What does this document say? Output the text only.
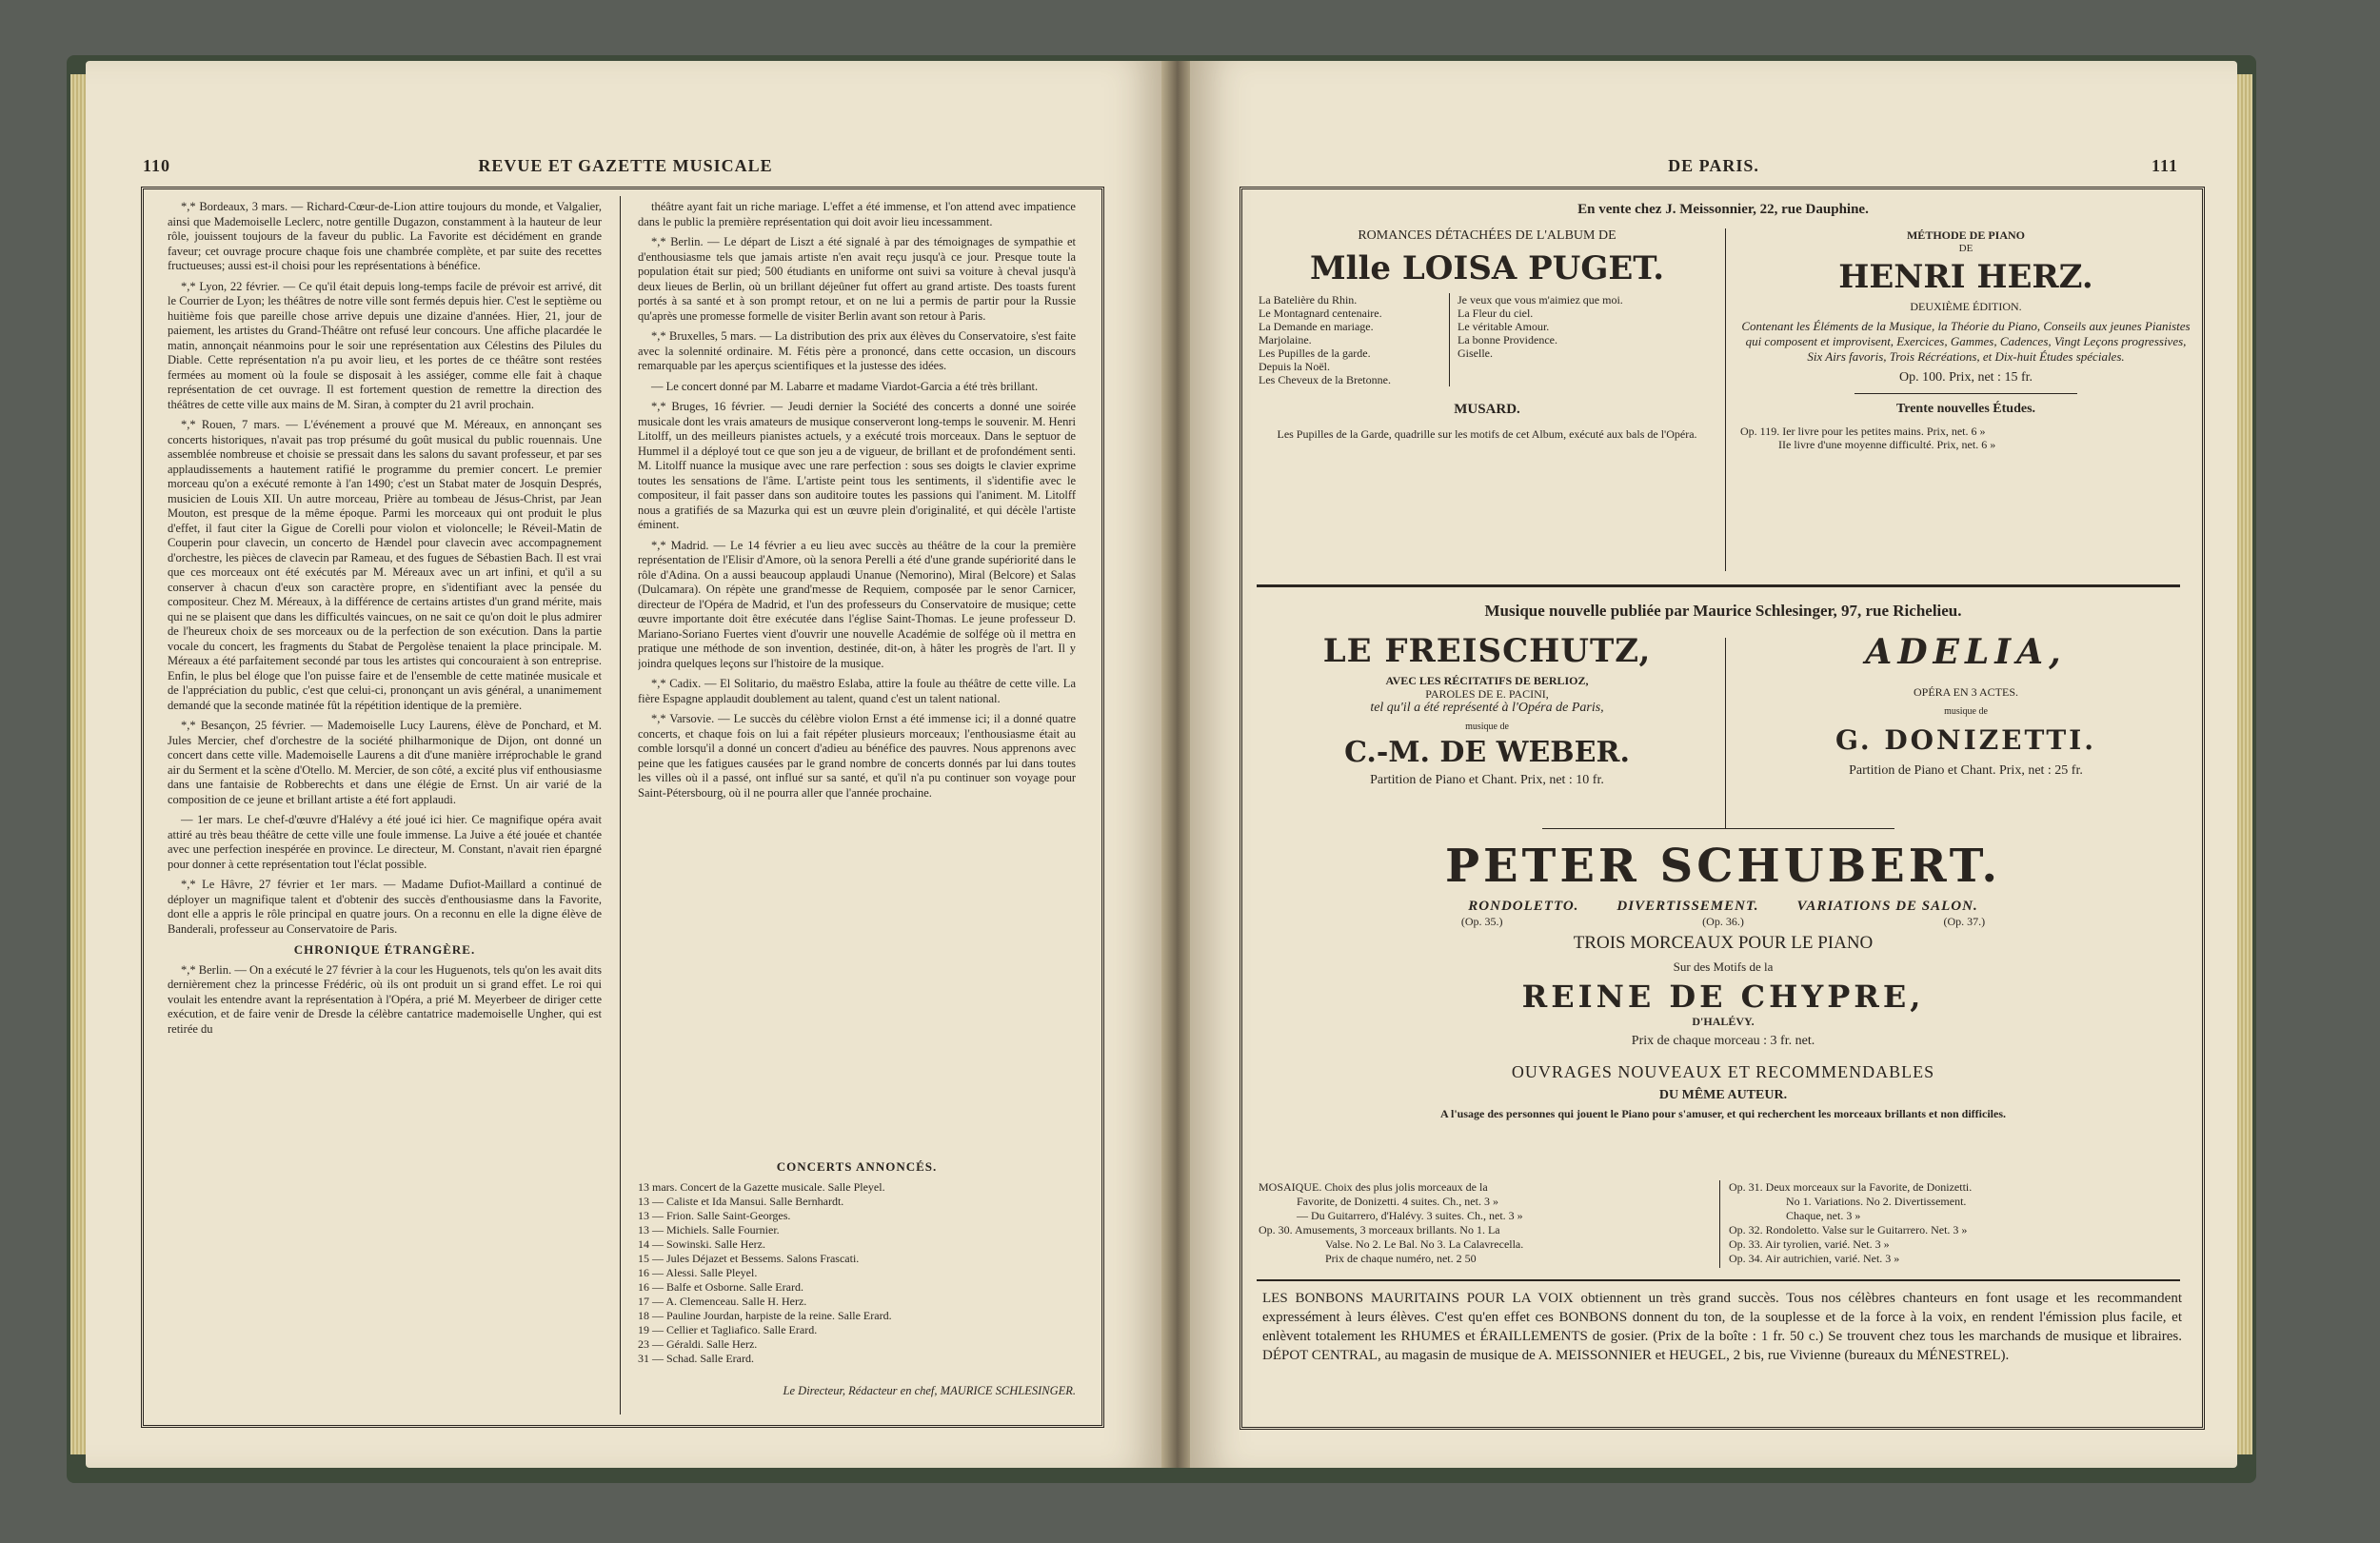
110	REVUE ET GAZETTE MUSICALE

*,* Bordeaux, 3 mars. — Richard-Cœur-de-Lion attire toujours du monde, et Valgalier, ainsi que Mademoiselle Leclerc, notre gentille Dugazon, constamment à la hauteur de leur rôle, jouissent toujours de la faveur du public. La Favorite est décidément en grande faveur; cet ouvrage procure chaque fois une chambrée complète, et par suite des recettes fructueuses; aussi est-il choisi pour les représentations à bénéfice.

*,* Lyon, 22 février. — Ce qu'il était depuis long-temps facile de prévoir est arrivé, dit le Courrier de Lyon; les théâtres de notre ville sont fermés depuis hier. C'est le septième ou huitième fois que pareille chose arrive depuis une dizaine d'années. Hier, 21, jour de paiement, les artistes du Grand-Théâtre ont refusé leur concours. Une affiche placardée le matin, annonçait néanmoins pour le soir une représentation aux Célestins des Pilules du Diable. Cette représentation n'a pu avoir lieu, et les portes de ce théâtre sont restées fermées au moment où la foule se disposait à les assiéger, comme elle fait à chaque représentation de cet ouvrage. Il est fortement question de remettre la direction des théâtres de cette ville aux mains de M. Siran, à compter du 21 avril prochain.

*,* Rouen, 7 mars. — L'événement a prouvé que M. Méreaux, en annonçant ses concerts historiques, n'avait pas trop présumé du goût musical du public rouennais. Une assemblée nombreuse et choisie se pressait dans les salons du savant professeur, et par ses applaudissements a hautement ratifié le programme du premier concert. Le premier morceau qu'on a exécuté remonte à l'an 1490; c'est un Stabat mater de Josquin Després, musicien de Louis XII. Un autre morceau, Prière au tombeau de Jésus-Christ, par Jean Mouton, est presque de la même époque. Parmi les morceaux qui ont produit le plus d'effet, il faut citer la Gigue de Corelli pour violon et violoncelle; le Réveil-Matin de Couperin pour clavecin, un concerto de Hændel pour clavecin avec accompagnement d'orchestre, les pièces de clavecin par Rameau, et des fugues de Sébastien Bach. Il est vrai que ces morceaux ont été exécutés par M. Méreaux avec un art infini, et qu'il a su conserver à chacun d'eux son caractère propre, en s'identifiant avec la pensée du compositeur. Chez M. Méreaux, à la différence de certains artistes d'un grand mérite, mais qui ne se plaisent que dans les difficultés vaincues, on ne sait ce qu'on doit le plus admirer de l'heureux choix de ses morceaux ou de la perfection de son exécution. Dans la partie vocale du concert, les fragments du Stabat de Pergolèse tenaient la place principale. M. Méreaux a été parfaitement secondé par tous les artistes qui concouraient à son entreprise. Enfin, le plus bel éloge que l'on puisse faire et de l'ensemble de cette matinée musicale et de l'appréciation du public, c'est que celui-ci, prononçant un avis général, a unanimement demandé que la seconde matinée fût la répétition identique de la première.

*,* Besançon, 25 février. — Mademoiselle Lucy Laurens, élève de Ponchard, et M. Jules Mercier, chef d'orchestre de la société philharmonique de Dijon, ont donné un concert dans cette ville. Mademoiselle Laurens a dit d'une manière irréprochable le grand air du Serment et la scène d'Otello. M. Mercier, de son côté, a excité plus vif enthousiasme dans une fantaisie de Robberechts et dans une élégie de Ernst. Un air varié de la composition de ce jeune et brillant artiste a été fort applaudi.

— 1er mars. Le chef-d'œuvre d'Halévy a été joué ici hier. Ce magnifique opéra avait attiré au très beau théâtre de cette ville une foule immense. La Juive a été jouée et chantée avec une perfection inespérée en province. Le directeur, M. Constant, n'avait rien épargné pour donner à cette représentation tout l'éclat possible.

*,* Le Hâvre, 27 février et 1er mars. — Madame Dufiot-Maillard a continué de déployer un magnifique talent et d'obtenir des succès d'enthousiasme dans la Favorite, dont elle a appris le rôle principal en quatre jours. On a reconnu en elle la digne élève de Banderali, professeur au Conservatoire de Paris.

CHRONIQUE ÉTRANGÈRE.

*,* Berlin. — On a exécuté le 27 février à la cour les Huguenots, tels qu'on les avait dits dernièrement chez la princesse Frédéric, où ils ont produit un si grand effet. Le roi qui voulait les entendre avant la représentation à l'Opéra, a prié M. Meyerbeer de diriger cette exécution, et de faire venir de Dresde la célèbre cantatrice mademoiselle Ungher, qui est retirée du

théâtre ayant fait un riche mariage. L'effet a été immense, et l'on attend avec impatience dans le public la première représentation qui doit avoir lieu incessamment.

*,* Berlin. — Le départ de Liszt a été signalé à par des témoignages de sympathie et d'enthousiasme tels que jamais artiste n'en avait reçu jusqu'à ce jour. Presque toute la population était sur pied; 500 étudiants en uniforme ont suivi sa voiture à cheval jusqu'à deux lieues de Berlin, où un brillant déjeûner fut offert au grand artiste. Des toasts furent portés à sa santé et à son prompt retour, et on ne lui a permis de partir pour la Russie qu'après une promesse formelle de visiter Berlin avant son retour à Paris.

*,* Bruxelles, 5 mars. — La distribution des prix aux élèves du Conservatoire, s'est faite avec la solennité ordinaire. M. Fétis père a prononcé, dans cette occasion, un discours remarquable par les aperçus scientifiques et la justesse des idées.

— Le concert donné par M. Labarre et madame Viardot-Garcia a été très brillant.

*,* Bruges, 16 février. — Jeudi dernier la Société des concerts a donné une soirée musicale dont les vrais amateurs de musique conserveront long-temps le souvenir. M. Henri Litolff, un des meilleurs pianistes actuels, y a exécuté trois morceaux. Dans le septuor de Hummel il a déployé tout ce que son jeu a de vigueur, de brillant et de profondément senti. M. Litolff nuance la musique avec une rare perfection : sous ses doigts le clavier exprime toutes les sensations de l'âme. L'artiste peint tous les sentiments, il s'identifie avec le compositeur, il fait passer dans son auditoire toutes les passions qui l'animent. M. Litolff nous a gratifiés de sa Mazurka qui est un œuvre plein d'originalité, et qui décèle l'artiste éminent.

*,* Madrid. — Le 14 février a eu lieu avec succès au théâtre de la cour la première représentation de l'Elisir d'Amore, où la senora Perelli a été d'une grande supériorité dans le rôle d'Adina. On a aussi beaucoup applaudi Unanue (Nemorino), Miral (Belcore) et Salas (Dulcamara). On répète une grand'messe de Requiem, composée par le senor Carnicer, directeur de l'Opéra de Madrid, et l'un des professeurs du Conservatoire de musique; cette œuvre importante doit être exécutée dans l'église Saint-Thomas. Le jeune professeur D. Mariano-Soriano Fuertes vient d'ouvrir une nouvelle Académie de solfége où il mettra en pratique une méthode de son invention, destinée, dit-on, à hâter les progrès de l'art. Il y joindra quelques leçons sur l'histoire de la musique.

*,* Cadix. — El Solitario, du maëstro Eslaba, attire la foule au théâtre de cette ville. La fière Espagne applaudit doublement au talent, quand c'est un talent national.

*,* Varsovie. — Le succès du célèbre violon Ernst a été immense ici; il a donné quatre concerts, et chaque fois on lui a fait répéter plusieurs morceaux; l'enthousiasme était au comble lorsqu'il a donné un concert d'adieu au bénéfice des pauvres. Nous apprenons avec peine que les fatigues causées par le grand nombre de concerts donnés par lui dans toutes les villes où il a passé, ont influé sur sa santé, et qu'il n'a pu continuer son voyage pour Saint-Pétersbourg, où il ne pourra aller que l'année prochaine.

CONCERTS ANNONCÉS.
13 mars. Concert de la Gazette musicale. Salle Pleyel.
13 — Caliste et Ida Mansui. Salle Bernhardt.
13 — Frion. Salle Saint-Georges.
13 — Michiels. Salle Fournier.
14 — Sowinski. Salle Herz.
15 — Jules Déjazet et Bessems. Salons Frascati.
16 — Alessi. Salle Pleyel.
16 — Balfe et Osborne. Salle Erard.
17 — A. Clemenceau. Salle H. Herz.
18 — Pauline Jourdan, harpiste de la reine. Salle Erard.
19 — Cellier et Tagliafico. Salle Erard.
23 — Géraldi. Salle Herz.
31 — Schad. Salle Erard.
Le Directeur, Rédacteur en chef, MAURICE SCHLESINGER.
DE PARIS.	111
En vente chez J. Meissonnier, 22, rue Dauphine.
ROMANCES DÉTACHÉES DE L'ALBUM DE
Mlle LOISA PUGET.
La Batelière du Rhin.
Le Montagnard centenaire.
La Demande en mariage.
Marjolaine.
Les Pupilles de la garde.
Depuis la Noël.
Les Cheveux de la Bretonne.
Je veux que vous m'aimiez que moi.
La Fleur du ciel.
Le véritable Amour.
La bonne Providence.
Giselle.
MUSARD.
Les Pupilles de la Garde, quadrille sur les motifs de cet Album, exécuté aux bals de l'Opéra.
MÉTHODE DE PIANO
DE
HENRI HERZ.
DEUXIÈME ÉDITION.
Contenant les Éléments de la Musique, la Théorie du Piano, Conseils aux jeunes Pianistes qui composent et improvisent, Exercices, Gammes, Cadences, Vingt Leçons progressives, Six Airs favoris, Trois Récréations, et Dix-huit Études spéciales.
Op. 100. Prix, net : 15 fr.
Trente nouvelles Études.
Op. 119. Ier livre pour les petites mains. Prix, net. 6 »
IIe livre d'une moyenne difficulté. Prix, net. 6 »
Musique nouvelle publiée par Maurice Schlesinger, 97, rue Richelieu.
LE FREISCHUTZ,
AVEC LES RÉCITATIFS DE BERLIOZ,
PAROLES DE E. PACINI,
tel qu'il a été représenté à l'Opéra de Paris,
musique de
C.-M. DE WEBER.
Partition de Piano et Chant. Prix, net : 10 fr.
ADELIA,
OPÉRA EN 3 ACTES.
musique de
G. DONIZETTI.
Partition de Piano et Chant. Prix, net : 25 fr.
PETER SCHUBERT.
RONDOLETTO.	DIVERTISSEMENT.	VARIATIONS DE SALON.
(Op. 35.)	(Op. 36.)	(Op. 37.)
TROIS MORCEAUX POUR LE PIANO
Sur des Motifs de la
REINE DE CHYPRE,
D'HALÉVY.
Prix de chaque morceau : 3 fr. net.
OUVRAGES NOUVEAUX ET RECOMMENDABLES
DU MÊME AUTEUR.
A l'usage des personnes qui jouent le Piano pour s'amuser, et qui recherchent les morceaux brillants et non difficiles.
MOSAIQUE. Choix des plus jolis morceaux de la
Favorite, de Donizetti. 4 suites. Ch., net. 3 »
— Du Guitarrero, d'Halévy. 3 suites. Ch., net. 3 »
Op. 30. Amusements, 3 morceaux brillants. No 1. La
Valse. No 2. Le Bal. No 3. La Calavrecella.
Prix de chaque numéro, net. 2 50
Op. 31. Deux morceaux sur la Favorite, de Donizetti.
No 1. Variations. No 2. Divertissement.
Chaque, net. 3 »
Op. 32. Rondoletto. Valse sur le Guitarrero. Net. 3 »
Op. 33. Air tyrolien, varié. Net. 3 »
Op. 34. Air autrichien, varié. Net. 3 »
LES BONBONS MAURITAINS POUR LA VOIX obtiennent un très grand succès. Tous nos célèbres chanteurs en font usage et les recommandent expressément à leurs élèves. C'est qu'en effet ces BONBONS donnent du ton, de la souplesse et de la force à la voix, en rendent l'émission plus facile, et enlèvent totalement les RHUMES et ÉRAILLEMENTS de gosier. (Prix de la boîte : 1 fr. 50 c.) Se trouvent chez tous les marchands de musique et libraires. DÉPOT CENTRAL, au magasin de musique de A. MEISSONNIER et HEUGEL, 2 bis, rue Vivienne (bureaux du MÉNESTREL).
